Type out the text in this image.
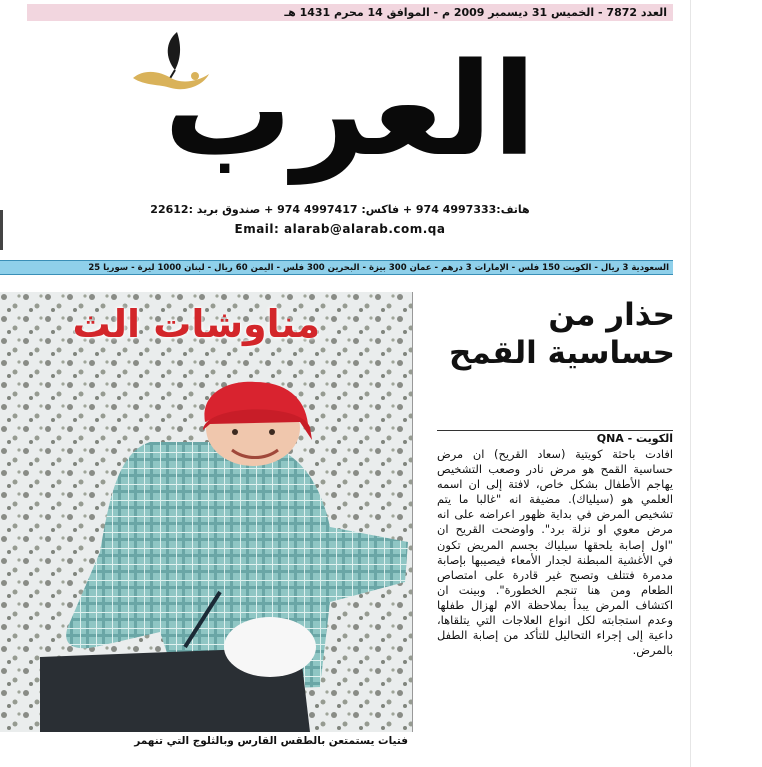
العدد 7872 - الخميس 31 ديسمبر 2009 م - الموافق 14 محرم 1431 هـ
العرب
هاتف:4997333 974 + فاكس: 4997417 974 + صندوق بريد :22612
Email: alarab@alarab.com.qa
السعودية 3 ريال - الكويت 150 فلس - الإمارات 3 درهم - عمان 300 بيزة - البحرين 300 فلس - اليمن 60 ريال - لبنان 1000 ليرة - سوريا 25
مناوشات الث
فتيات يستمتعن بالطقس القارس وبالثلوج التي تنهمر
حذار من حساسية القمح
الكويت - QNA
افادت باحثة كويتية (سعاد القريح) ان مرض حساسية القمح هو مرض نادر وصعب التشخيص يهاجم الأطفال بشكل خاص، لافتة إلى ان اسمه العلمي هو (سيلياك). مضيفة انه "غالبا ما يتم تشخيص المرض في بداية ظهور اعراضه على انه مرض معوي او نزلة برد". واوضحت القريح ان "اول إصابة يلحقها سيلياك بجسم المريض تكون في الأغشية المبطنة لجدار الأمعاء فيصيبها بإصابة مدمرة فتتلف وتصبح غير قادرة على امتصاص الطعام ومن هنا تنجم الخطورة". وبينت ان اكتشاف المرض يبدأ بملاحظة الام لهزال طفلها وعدم استجابته لكل انواع العلاجات التي يتلقاها، داعية إلى إجراء التحاليل للتأكد من إصابة الطفل بالمرض.
